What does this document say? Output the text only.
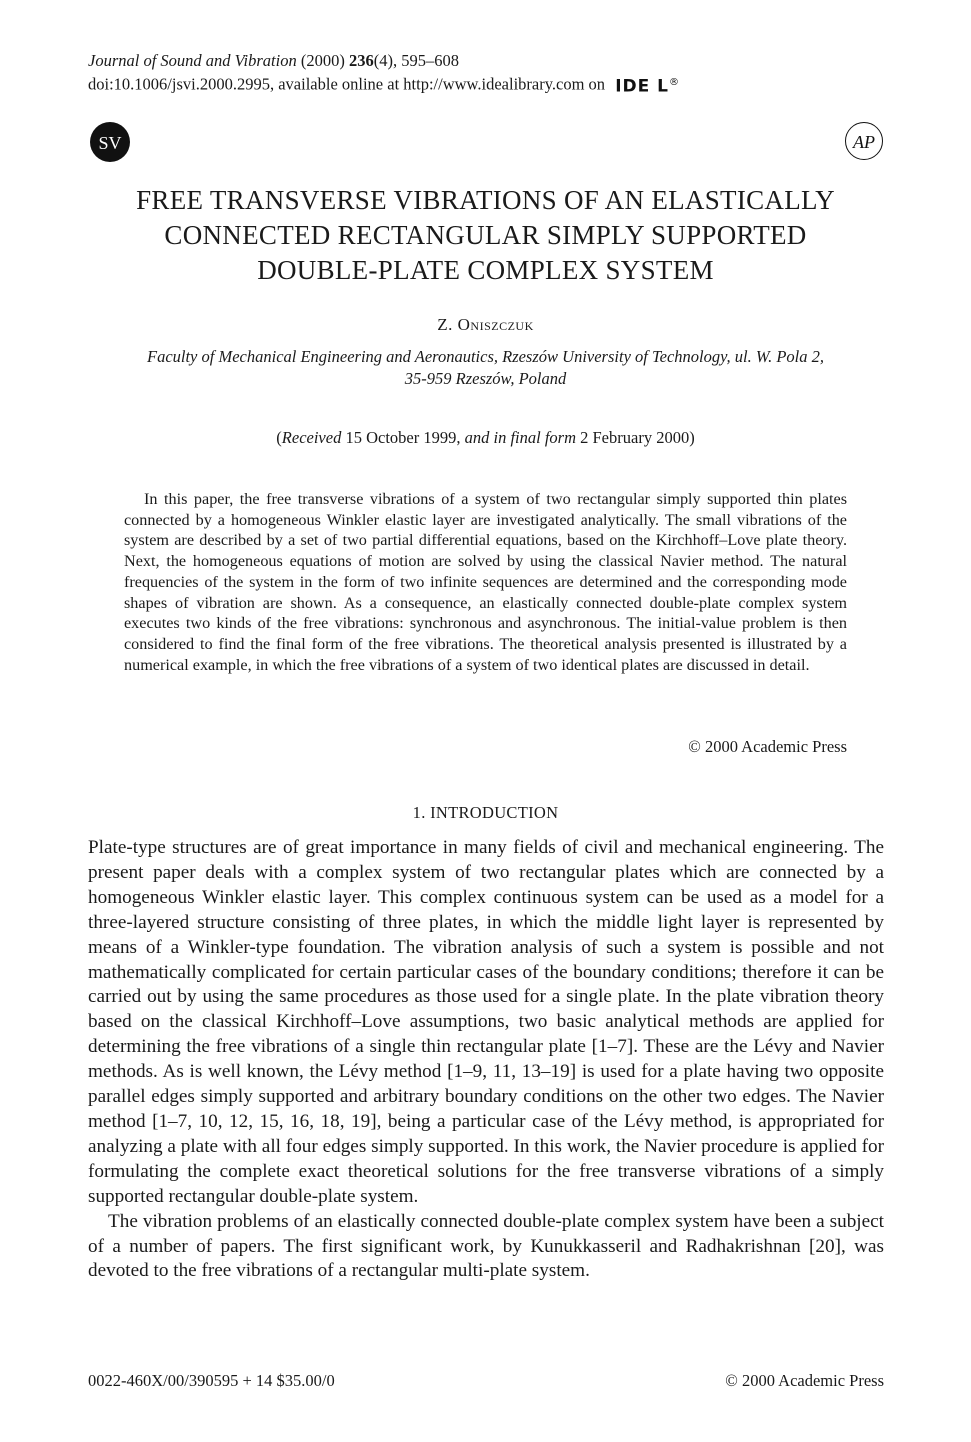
Journal of Sound and Vibration (2000) 236(4), 595–608
doi:10.1006/jsvi.2000.2995, available online at http://www.idealibrary.com on IDE L®
SV	AP
FREE TRANSVERSE VIBRATIONS OF AN ELASTICALLY
CONNECTED RECTANGULAR SIMPLY SUPPORTED
DOUBLE-PLATE COMPLEX SYSTEM
Z. Oniszczuk
Faculty of Mechanical Engineering and Aeronautics, Rzeszów University of Technology, ul. W. Pola 2,
35-959 Rzeszów, Poland
(Received 15 October 1999, and in final form 2 February 2000)
In this paper, the free transverse vibrations of a system of two rectangular simply supported thin plates connected by a homogeneous Winkler elastic layer are investigated analytically. The small vibrations of the system are described by a set of two partial differential equations, based on the Kirchhoff–Love plate theory. Next, the homogeneous equations of motion are solved by using the classical Navier method. The natural frequencies of the system in the form of two infinite sequences are determined and the corresponding mode shapes of vibration are shown. As a consequence, an elastically connected double-plate complex system executes two kinds of the free vibrations: synchronous and asynchronous. The initial-value problem is then considered to find the final form of the free vibrations. The theoretical analysis presented is illustrated by a numerical example, in which the free vibrations of a system of two identical plates are discussed in detail.
© 2000 Academic Press
1. INTRODUCTION

Plate-type structures are of great importance in many fields of civil and mechanical engineering. The present paper deals with a complex system of two rectangular plates which are connected by a homogeneous Winkler elastic layer. This complex continuous system can be used as a model for a three-layered structure consisting of three plates, in which the middle light layer is represented by means of a Winkler-type foundation. The vibration analysis of such a system is possible and not mathematically complicated for certain particular cases of the boundary conditions; therefore it can be carried out by using the same procedures as those used for a single plate. In the plate vibration theory based on the classical Kirchhoff–Love assumptions, two basic analytical methods are applied for determining the free vibrations of a single thin rectangular plate [1–7]. These are the Lévy and Navier methods. As is well known, the Lévy method [1–9, 11, 13–19] is used for a plate having two opposite parallel edges simply supported and arbitrary boundary conditions on the other two edges. The Navier method [1–7, 10, 12, 15, 16, 18, 19], being a particular case of the Lévy method, is appropriated for analyzing a plate with all four edges simply supported. In this work, the Navier procedure is applied for formulating the complete exact theoretical solutions for the free transverse vibrations of a simply supported rectangular double-plate system.

The vibration problems of an elastically connected double-plate complex system have been a subject of a number of papers. The first significant work, by Kunukkasseril and Radhakrishnan [20], was devoted to the free vibrations of a rectangular multi-plate system.

0022-460X/00/390595 + 14 $35.00/0	© 2000 Academic Press
